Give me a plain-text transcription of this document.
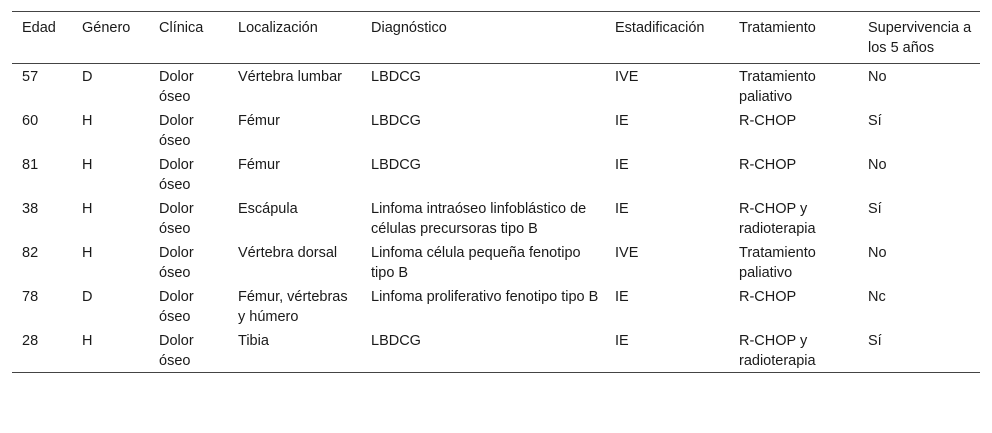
Edad	Género	Clínica	Localización	Diagnóstico	Estadificación	Tratamiento	Supervivencia a los 5 años
57	D	Dolor óseo	Vértebra lumbar	LBDCG	IVE	Tratamiento paliativo	No
60	H	Dolor óseo	Fémur	LBDCG	IE	R-CHOP	Sí
81	H	Dolor óseo	Fémur	LBDCG	IE	R-CHOP	No
38	H	Dolor óseo	Escápula	Linfoma intraóseo linfoblástico de células precursoras tipo B	IE	R-CHOP y radioterapia	Sí
82	H	Dolor óseo	Vértebra dorsal	Linfoma célula pequeña fenotipo tipo B	IVE	Tratamiento paliativo	No
78	D	Dolor óseo	Fémur, vértebras y húmero	Linfoma proliferativo fenotipo tipo B	IE	R-CHOP	Nc
28	H	Dolor óseo	Tibia	LBDCG	IE	R-CHOP y radioterapia	Sí
